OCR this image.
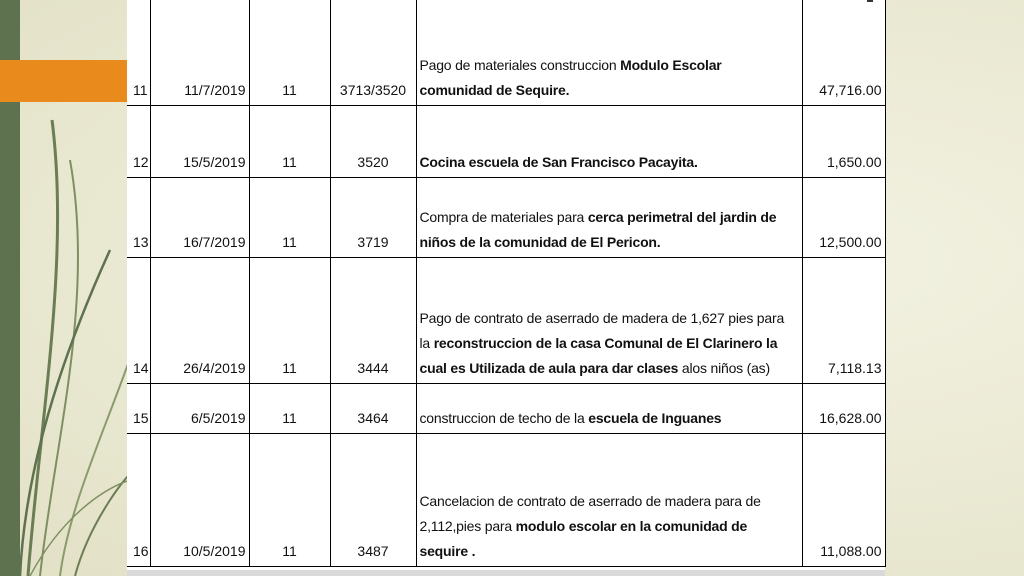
11	11/7/2019	11	3713/3520	Pago de materiales construccion Modulo Escolar
comunidad de Sequire.	47,716.00
12	15/5/2019	11	3520	Cocina escuela de San Francisco Pacayita.	1,650.00
13	16/7/2019	11	3719	Compra de materiales para cerca perimetral del jardin de
niños de la comunidad de El Pericon.	12,500.00
14	26/4/2019	11	3444	Pago de contrato de aserrado de madera de 1,627 pies para
la reconstruccion de la casa Comunal de El Clarinero la
cual es Utilizada de aula para dar clases alos niños (as)	7,118.13
15	6/5/2019	11	3464	construccion de techo de la escuela de Inguanes	16,628.00
16	10/5/2019	11	3487	Cancelacion de contrato de aserrado de madera para de
2,112,pies para modulo escolar en la comunidad de
sequire .	11,088.00
